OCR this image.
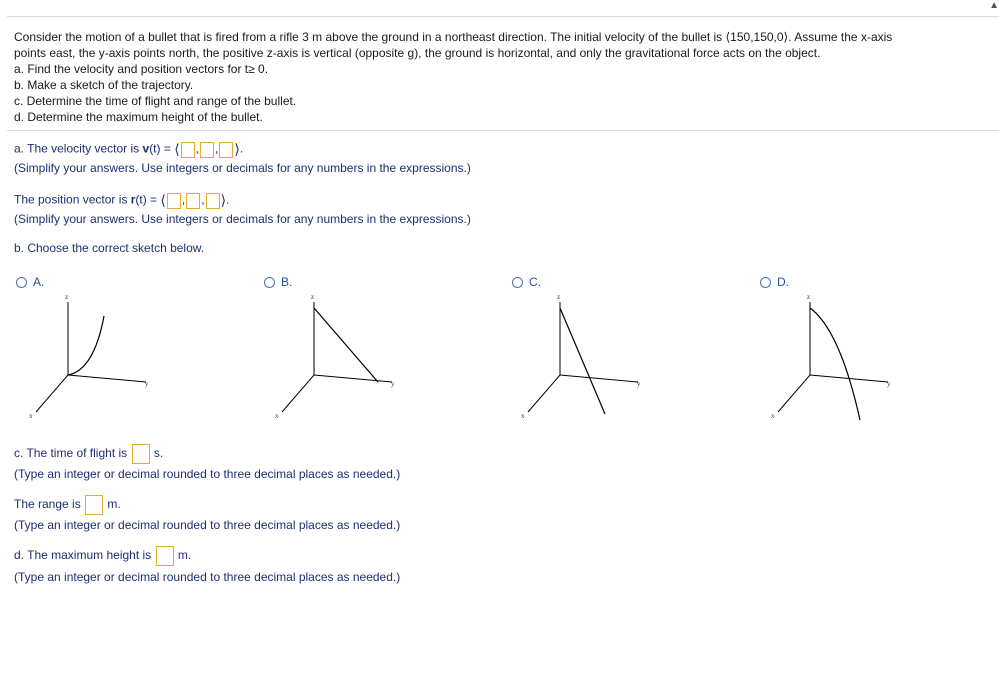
▲

Consider the motion of a bullet that is fired from a rifle 3 m above the ground in a northeast direction. The initial velocity of the bullet is ⟨150,150,0⟩. Assume the x-axis

points east, the y-axis points north, the positive z-axis is vertical (opposite g), the ground is horizontal, and only the gravitational force acts on the object.

a. Find the velocity and position vectors for t≥ 0.

b. Make a sketch of the trajectory.

c. Determine the time of flight and range of the bullet.

d. Determine the maximum height of the bullet.

a. The velocity vector is v(t) = ⟨ , , ⟩.
(Simplify your answers. Use integers or decimals for any numbers in the expressions.)
The position vector is r(t) = ⟨ , , ⟩.
(Simplify your answers. Use integers or decimals for any numbers in the expressions.)
b. Choose the correct sketch below.
A.	B.	C.	D.
z
y
x
z
y
x
z
y
x
z
y
x
c. The time of flight is  s.
(Type an integer or decimal rounded to three decimal places as needed.)
The range is  m.
(Type an integer or decimal rounded to three decimal places as needed.)
d. The maximum height is  m.
(Type an integer or decimal rounded to three decimal places as needed.)
